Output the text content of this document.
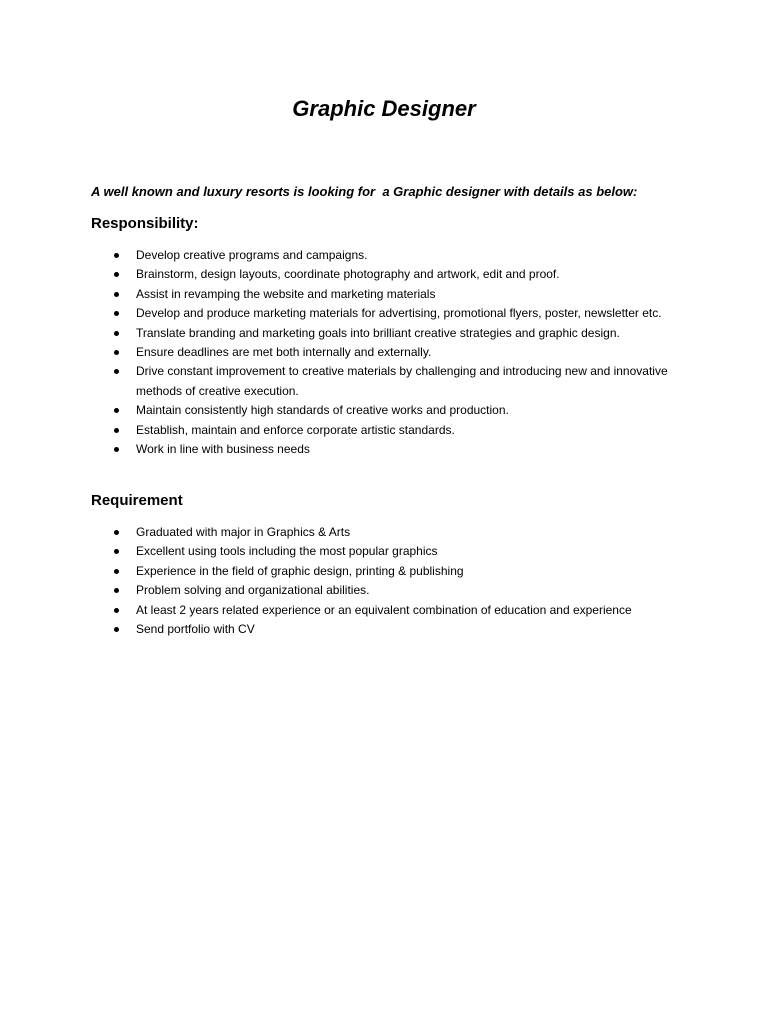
Graphic Designer

A well known and luxury resorts is looking for  a Graphic designer with details as below:

Responsibility:
Develop creative programs and campaigns.
Brainstorm, design layouts, coordinate photography and artwork, edit and proof.
Assist in revamping the website and marketing materials
Develop and produce marketing materials for advertising, promotional flyers, poster, newsletter etc.
Translate branding and marketing goals into brilliant creative strategies and graphic design.
Ensure deadlines are met both internally and externally.
Drive constant improvement to creative materials by challenging and introducing new and innovative methods of creative execution.
Maintain consistently high standards of creative works and production.
Establish, maintain and enforce corporate artistic standards.
Work in line with business needs
Requirement
Graduated with major in Graphics & Arts
Excellent using tools including the most popular graphics
Experience in the field of graphic design, printing & publishing
Problem solving and organizational abilities.
At least 2 years related experience or an equivalent combination of education and experience
Send portfolio with CV
